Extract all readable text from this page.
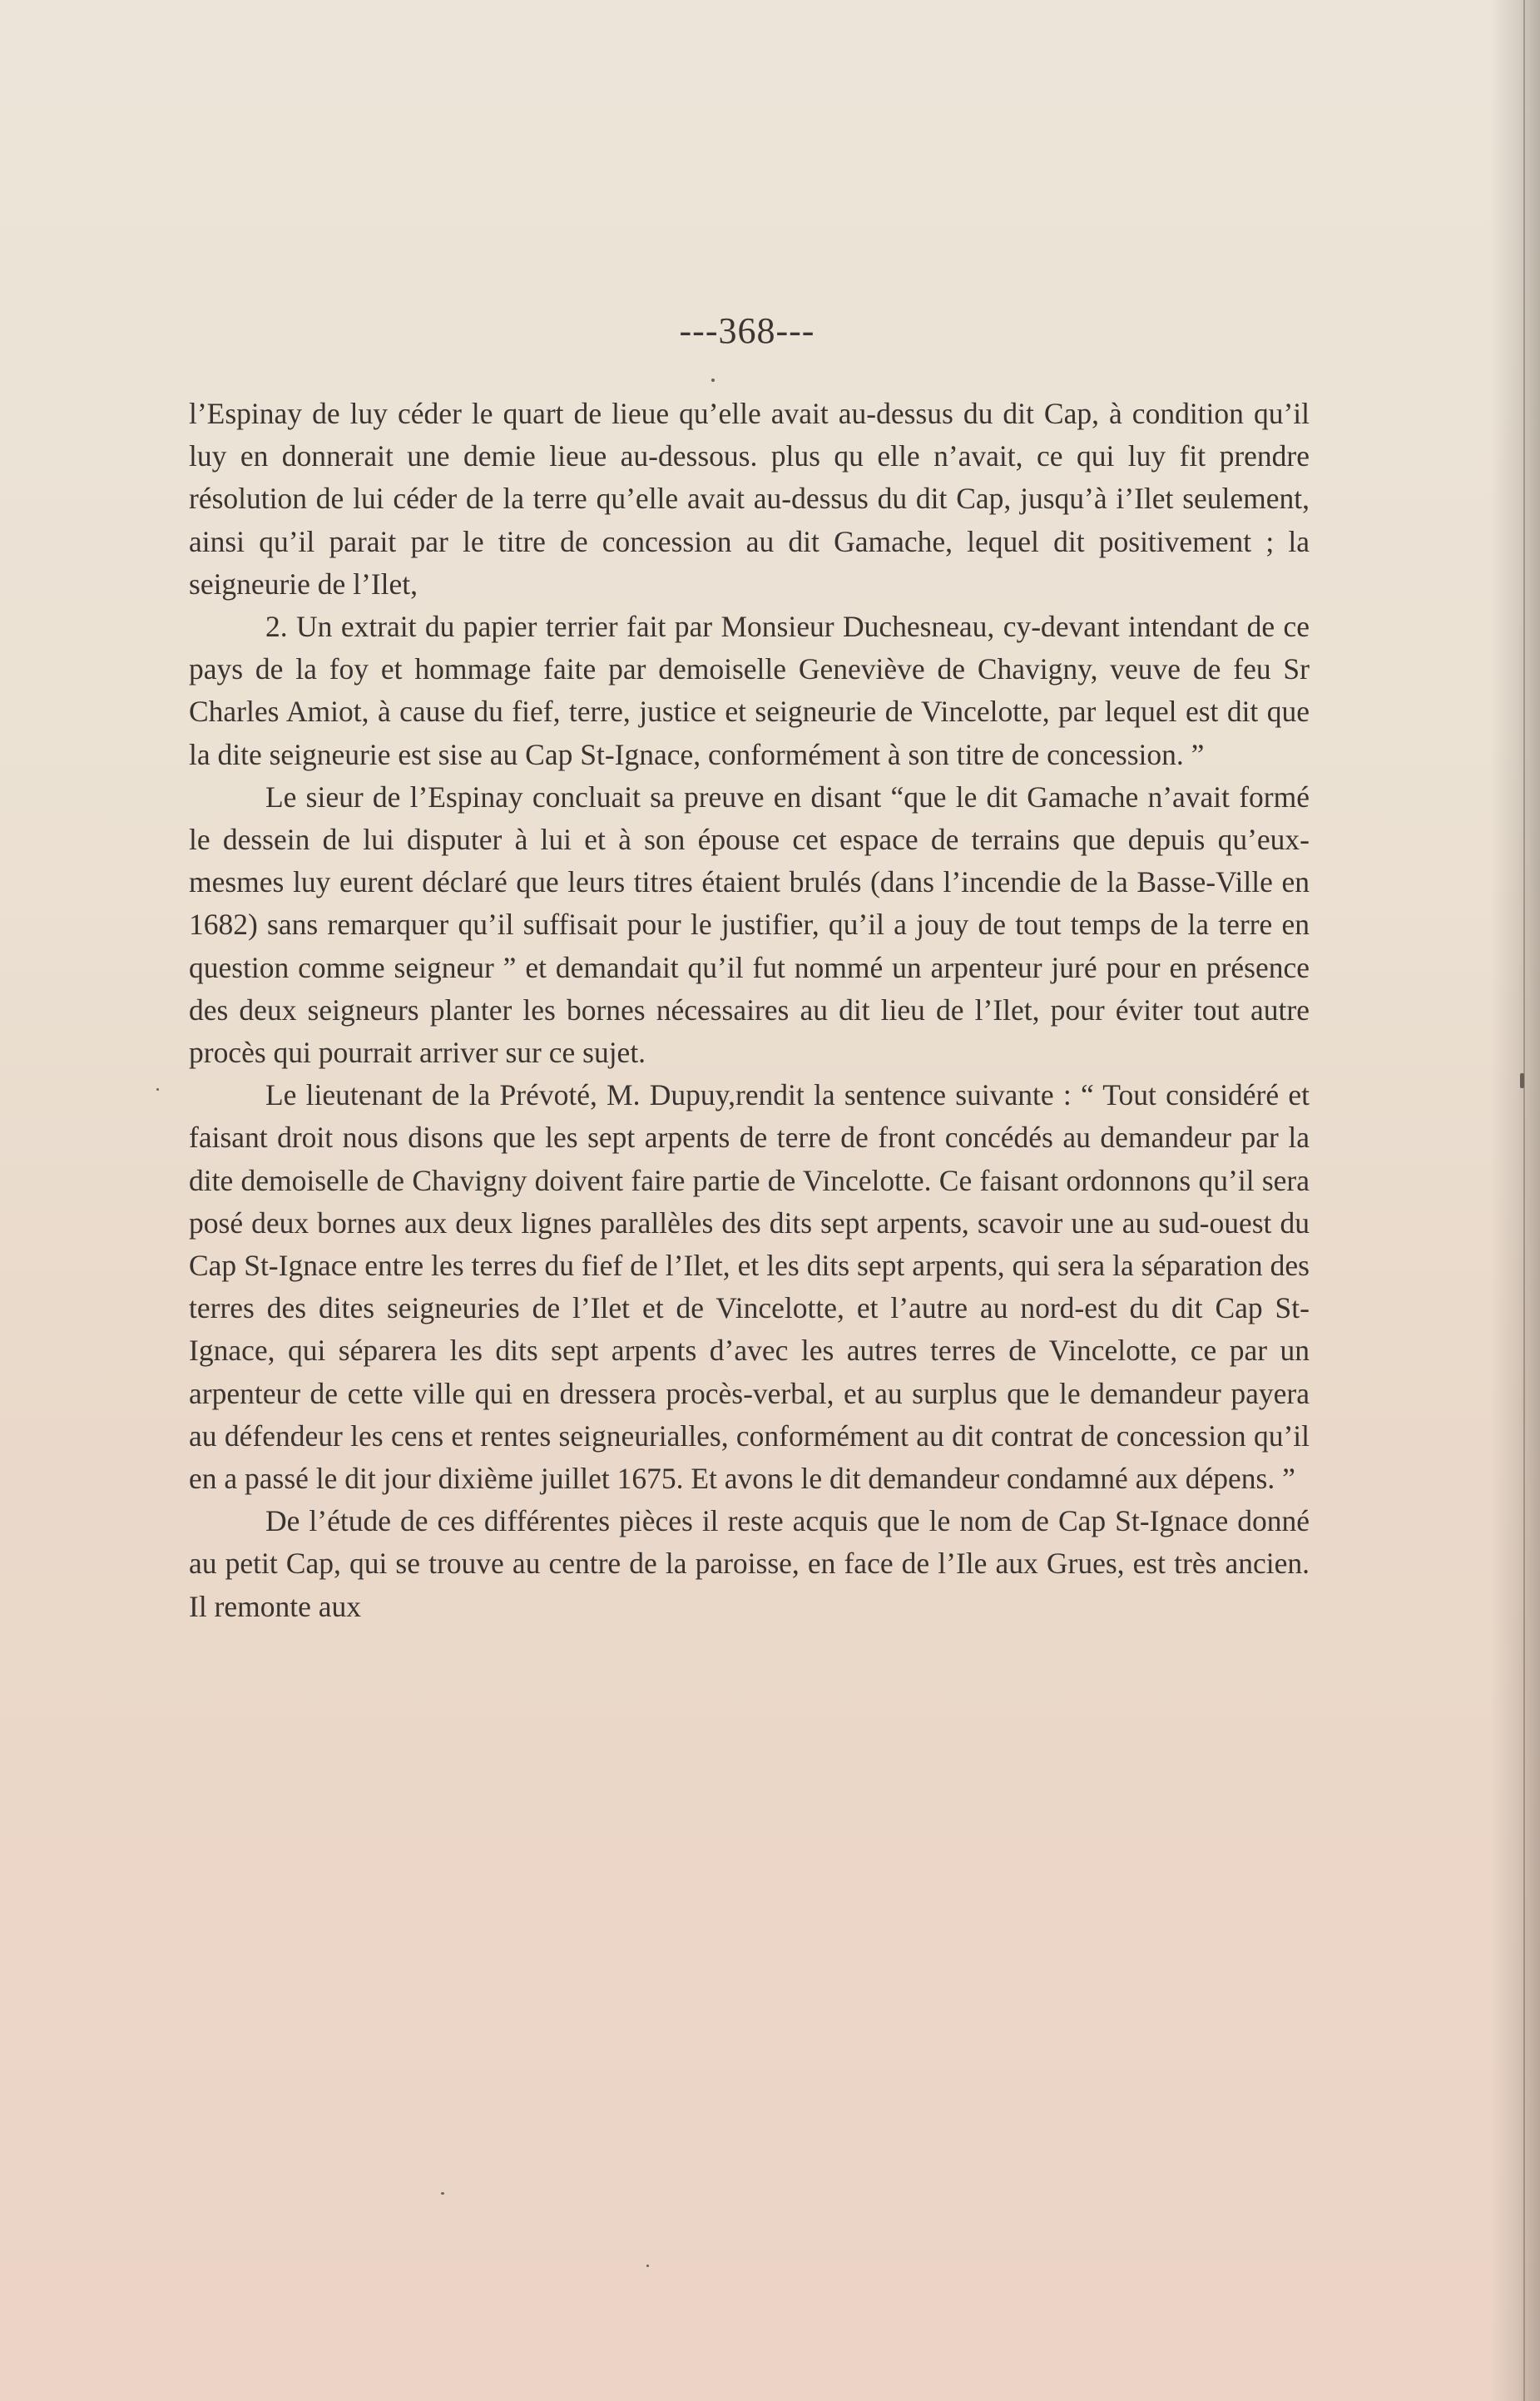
---368---

l’Espinay de luy céder le quart de lieue qu’elle avait au-dessus du dit Cap, à condition qu’il luy en donnerait une demie lieue au-dessous. plus qu elle n’avait, ce qui luy fit prendre résolution de lui céder de la terre qu’elle avait au-dessus du dit Cap, jusqu’à i’Ilet seulement, ainsi qu’il parait par le titre de concession au dit Gamache, lequel dit positivement ; la seigneurie de l’Ilet,

2. Un extrait du papier terrier fait par Monsieur Duchesneau, cy-devant intendant de ce pays de la foy et hommage faite par demoiselle Geneviève de Chavigny, veuve de feu Sr Charles Amiot, à cause du fief, terre, justice et seigneurie de Vincelotte, par lequel est dit que la dite seigneurie est sise au Cap St-Ignace, conformément à son titre de concession. ”

Le sieur de l’Espinay concluait sa preuve en disant “que le dit Gamache n’avait formé le dessein de lui disputer à lui et à son épouse cet espace de terrains que depuis qu’eux-mesmes luy eurent déclaré que leurs titres étaient brulés (dans l’incendie de la Basse-Ville en 1682) sans remarquer qu’il suffisait pour le justifier, qu’il a jouy de tout temps de la terre en question comme seigneur ” et demandait qu’il fut nommé un arpenteur juré pour en présence des deux seigneurs planter les bornes nécessaires au dit lieu de l’Ilet, pour éviter tout autre procès qui pourrait arriver sur ce sujet.

Le lieutenant de la Prévoté, M. Dupuy,rendit la sentence suivante : “ Tout considéré et faisant droit nous disons que les sept arpents de terre de front concédés au demandeur par la dite demoiselle de Chavigny doivent faire partie de Vincelotte. Ce faisant ordonnons qu’il sera posé deux bornes aux deux lignes parallèles des dits sept arpents, scavoir une au sud-ouest du Cap St-Ignace entre les terres du fief de l’Ilet, et les dits sept arpents, qui sera la séparation des terres des dites seigneuries de l’Ilet et de Vincelotte, et l’autre au nord-est du dit Cap St-Ignace, qui séparera les dits sept arpents d’avec les autres terres de Vincelotte, ce par un arpenteur de cette ville qui en dressera procès-verbal, et au surplus que le demandeur payera au défendeur les cens et rentes seigneurialles, conformément au dit contrat de concession qu’il en a passé le dit jour dixième juillet 1675. Et avons le dit demandeur condamné aux dépens. ”

De l’étude de ces différentes pièces il reste acquis que le nom de Cap St-Ignace donné au petit Cap, qui se trouve au centre de la paroisse, en face de l’Ile aux Grues, est très ancien. Il remonte aux
